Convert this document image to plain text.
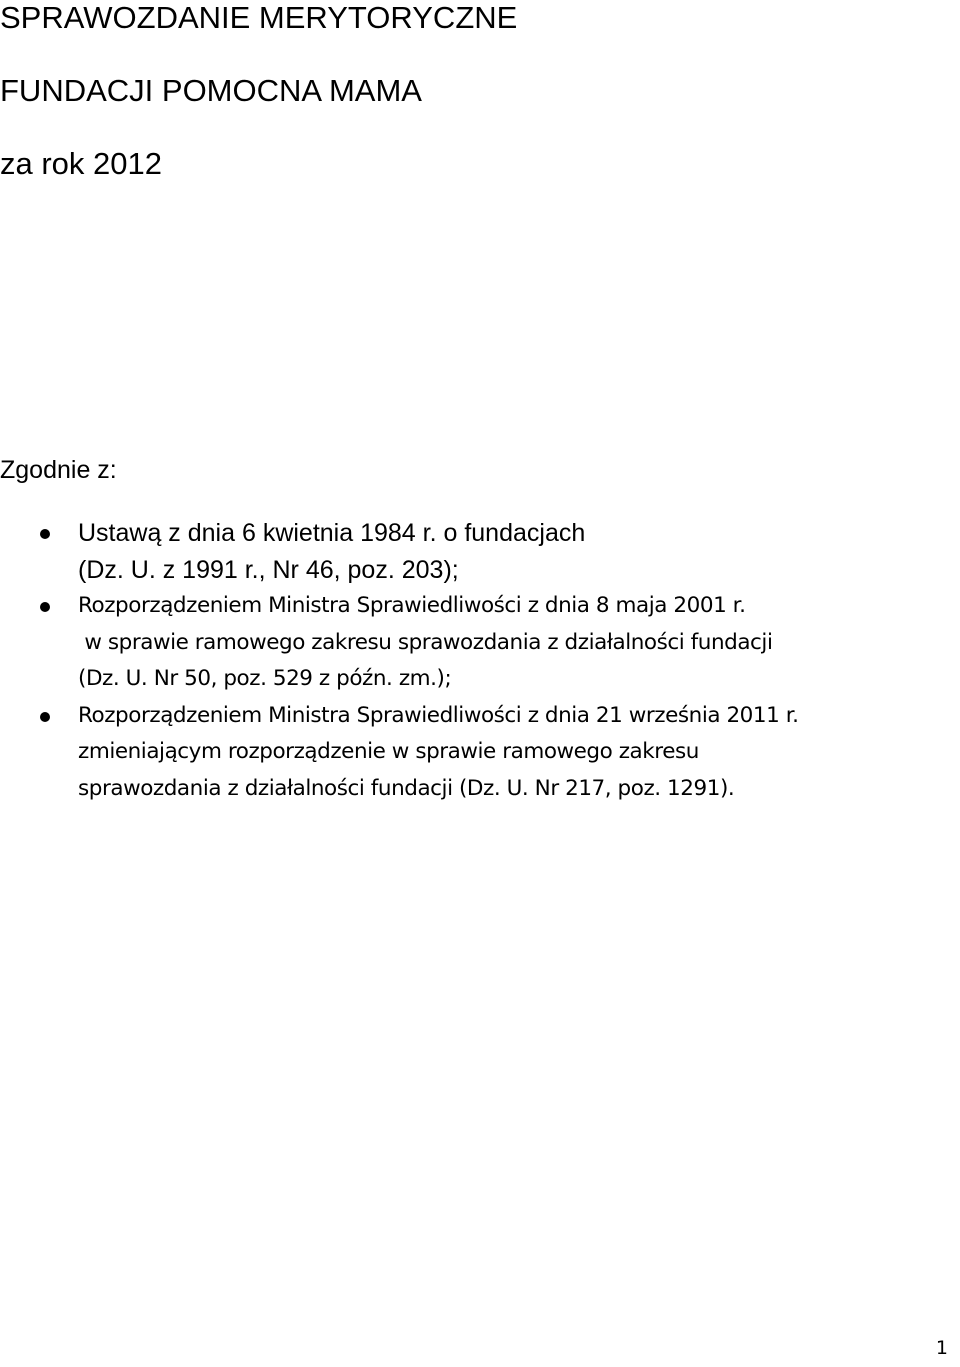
SPRAWOZDANIE MERYTORYCZNE
FUNDACJI POMOCNA MAMA
za rok 2012

Zgodnie z:

Ustawą z dnia 6 kwietnia 1984 r. o fundacjach
(Dz. U. z 1991 r., Nr 46, poz. 203);
Rozporządzeniem Ministra Sprawiedliwości z dnia 8 maja 2001 r.
w sprawie ramowego zakresu sprawozdania z działalności fundacji
(Dz. U. Nr 50, poz. 529 z późn. zm.);
Rozporządzeniem Ministra Sprawiedliwości z dnia 21 września 2011 r.
zmieniającym rozporządzenie w sprawie ramowego zakresu
sprawozdania z działalności fundacji (Dz. U. Nr 217, poz. 1291).

1
